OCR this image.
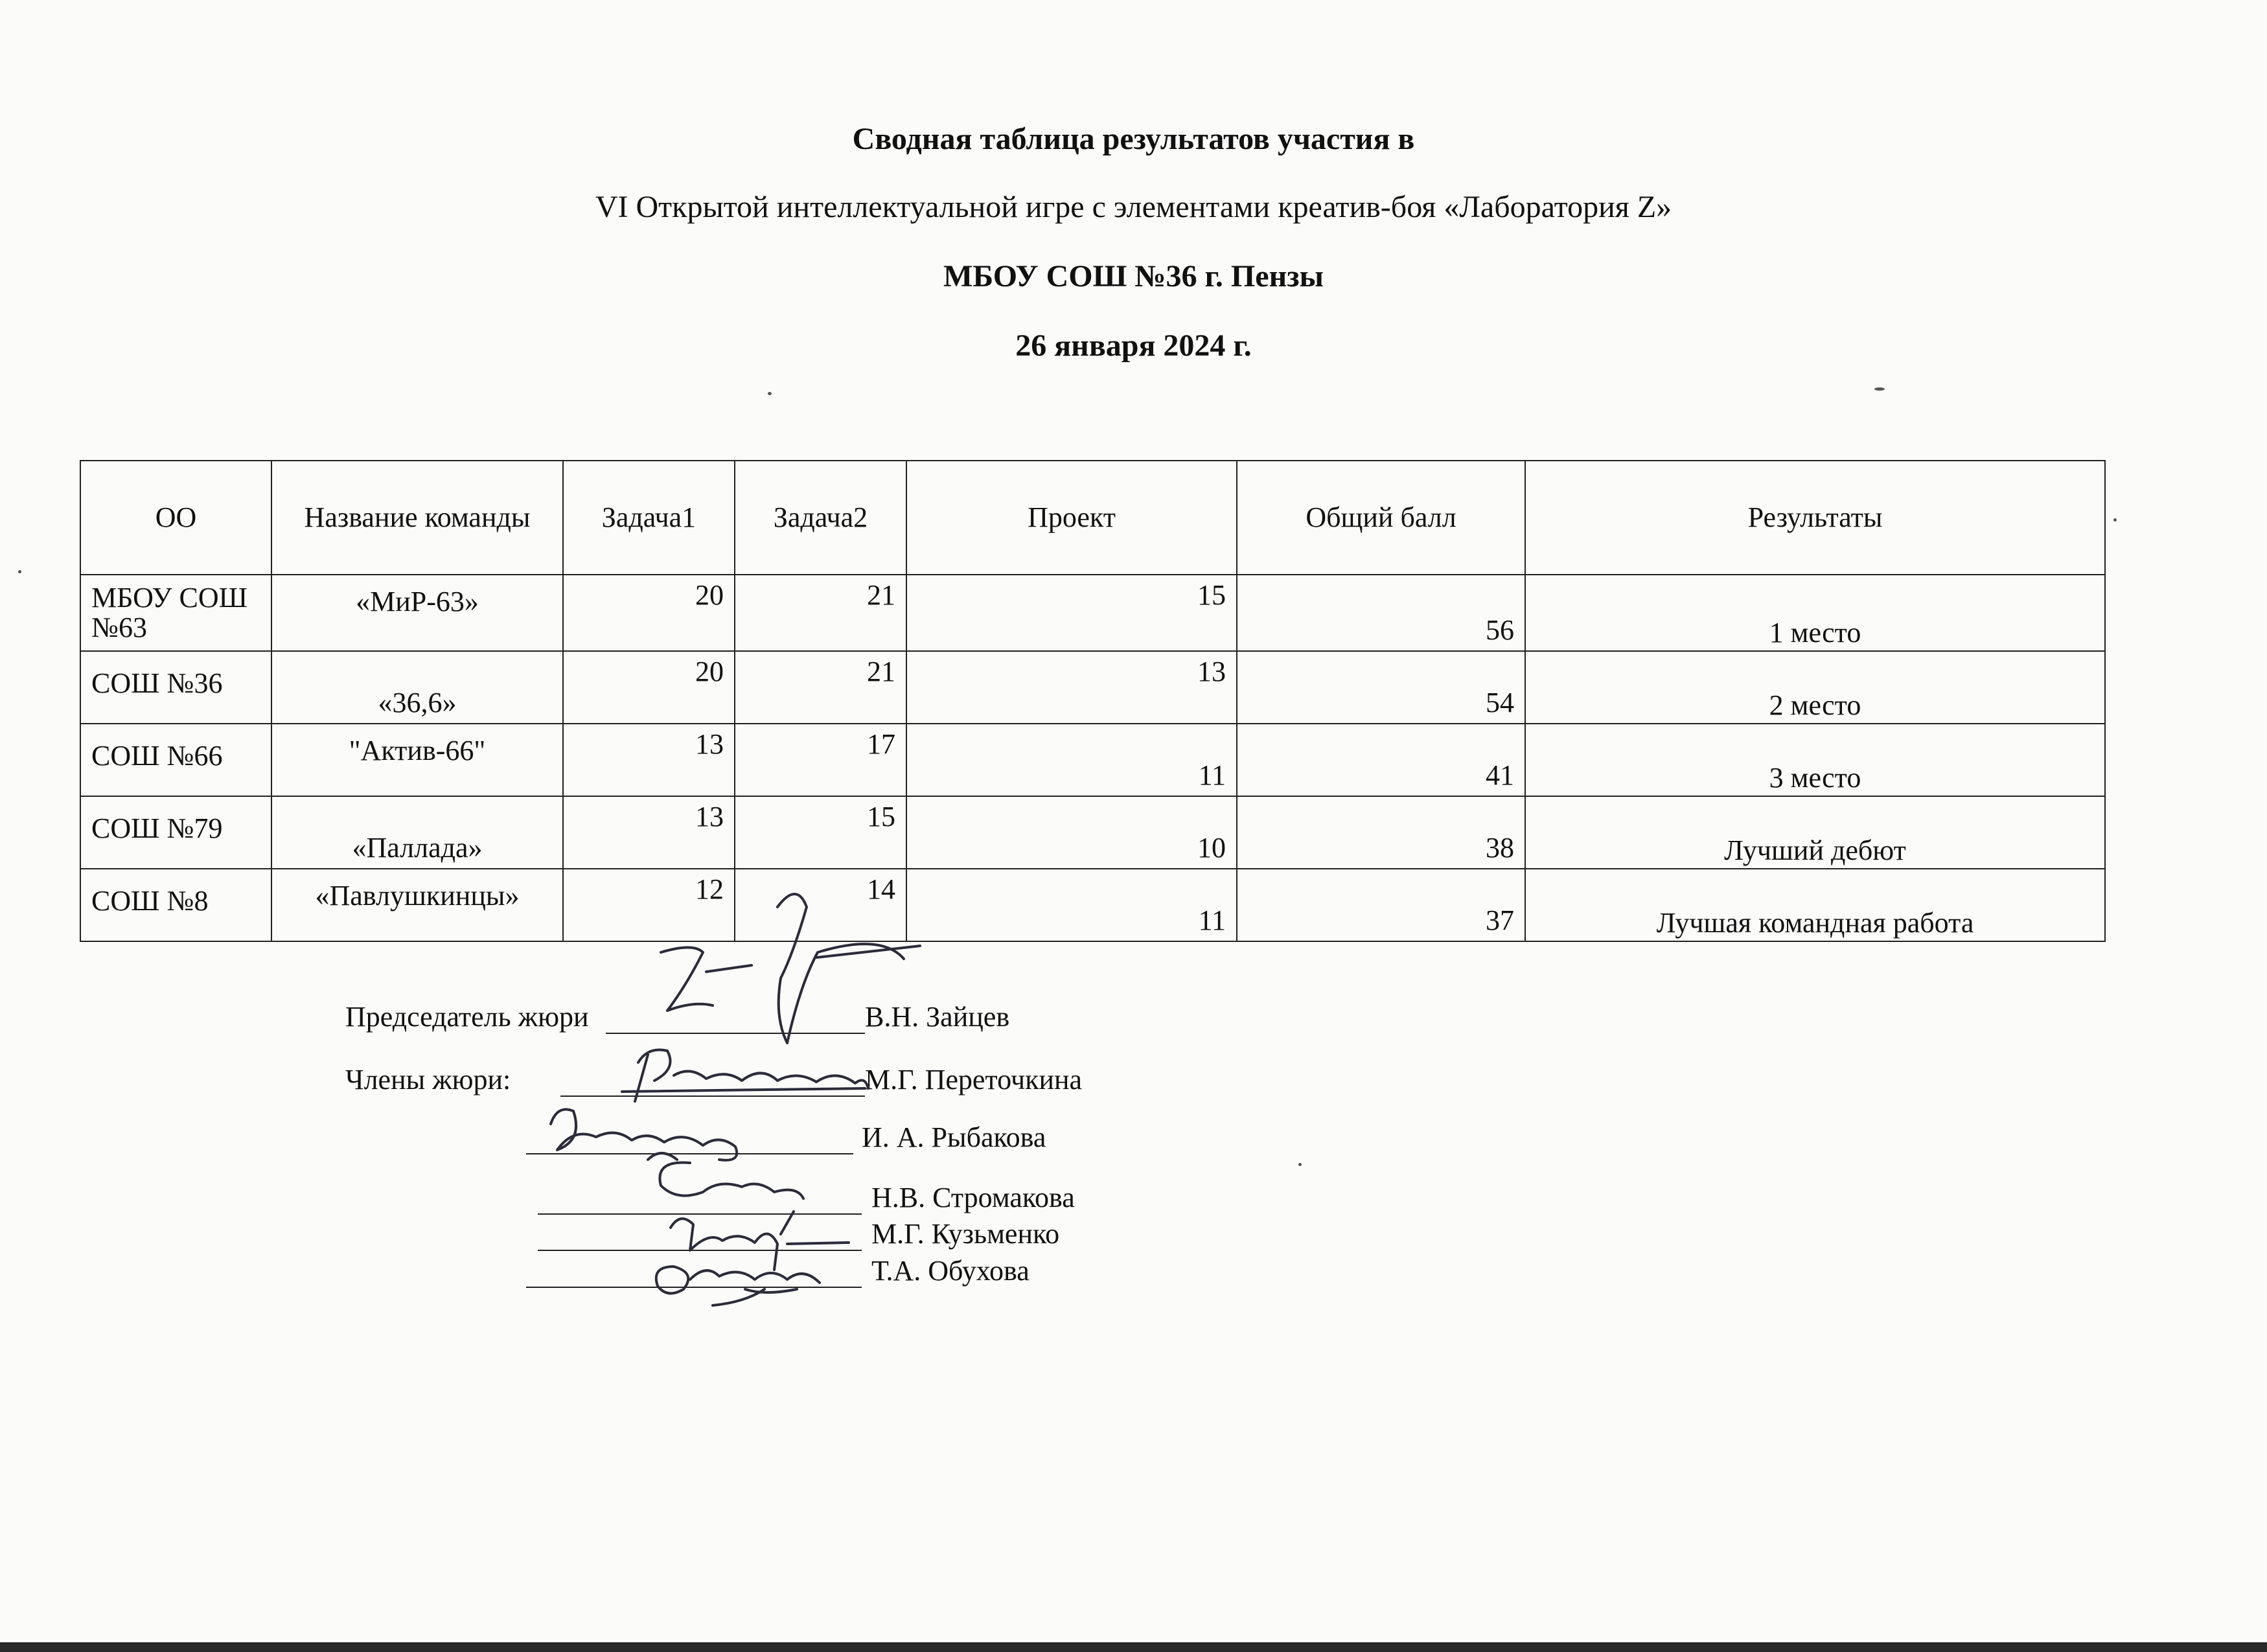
Сводная таблица результатов участия в
VI Открытой интеллектуальной игре с элементами креатив-боя «Лаборатория Z»
МБОУ СОШ №36 г. Пензы
26 января 2024 г.
ОО	Название команды	Задача1	Задача2	Проект	Общий балл	Результаты
МБОУ СОШ №63	«МиР-63»	20	21	15	56	1 место
СОШ №36	«36,6»	20	21	13	54	2 место
СОШ №66	"Актив-66"	13	17	11	41	3 место
СОШ №79	«Паллада»	13	15	10	38	Лучший дебют
СОШ №8	«Павлушкинцы»	12	14	11	37	Лучшая командная работа
Председатель жюри	В.Н. Зайцев
Члены жюри:	М.Г. Переточкина
И. А. Рыбакова
Н.В. Стромакова
М.Г. Кузьменко
Т.А. Обухова
